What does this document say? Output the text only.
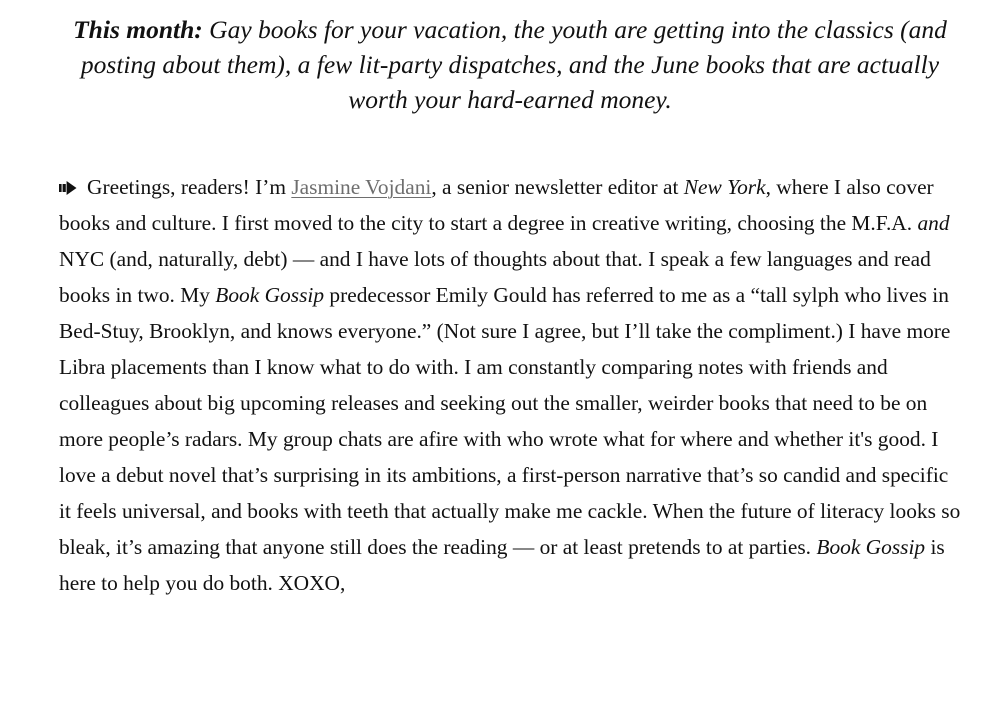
This month: Gay books for your vacation, the youth are getting into the classics (and posting about them), a few lit-party dispatches, and the June books that are actually worth your hard-earned money.
Greetings, readers! I’m Jasmine Vojdani, a senior newsletter editor at New York, where I also cover books and culture. I first moved to the city to start a degree in creative writing, choosing the M.F.A. and NYC (and, naturally, debt) — and I have lots of thoughts about that. I speak a few languages and read books in two. My Book Gossip predecessor Emily Gould has referred to me as a “tall sylph who lives in Bed-Stuy, Brooklyn, and knows everyone.” (Not sure I agree, but I’ll take the compliment.) I have more Libra placements than I know what to do with. I am constantly comparing notes with friends and colleagues about big upcoming releases and seeking out the smaller, weirder books that need to be on more people’s radars. My group chats are afire with who wrote what for where and whether it's good. I love a debut novel that’s surprising in its ambitions, a first-person narrative that’s so candid and specific it feels universal, and books with teeth that actually make me cackle. When the future of literacy looks so bleak, it’s amazing that anyone still does the reading — or at least pretends to at parties. Book Gossip is here to help you do both. XOXO,
